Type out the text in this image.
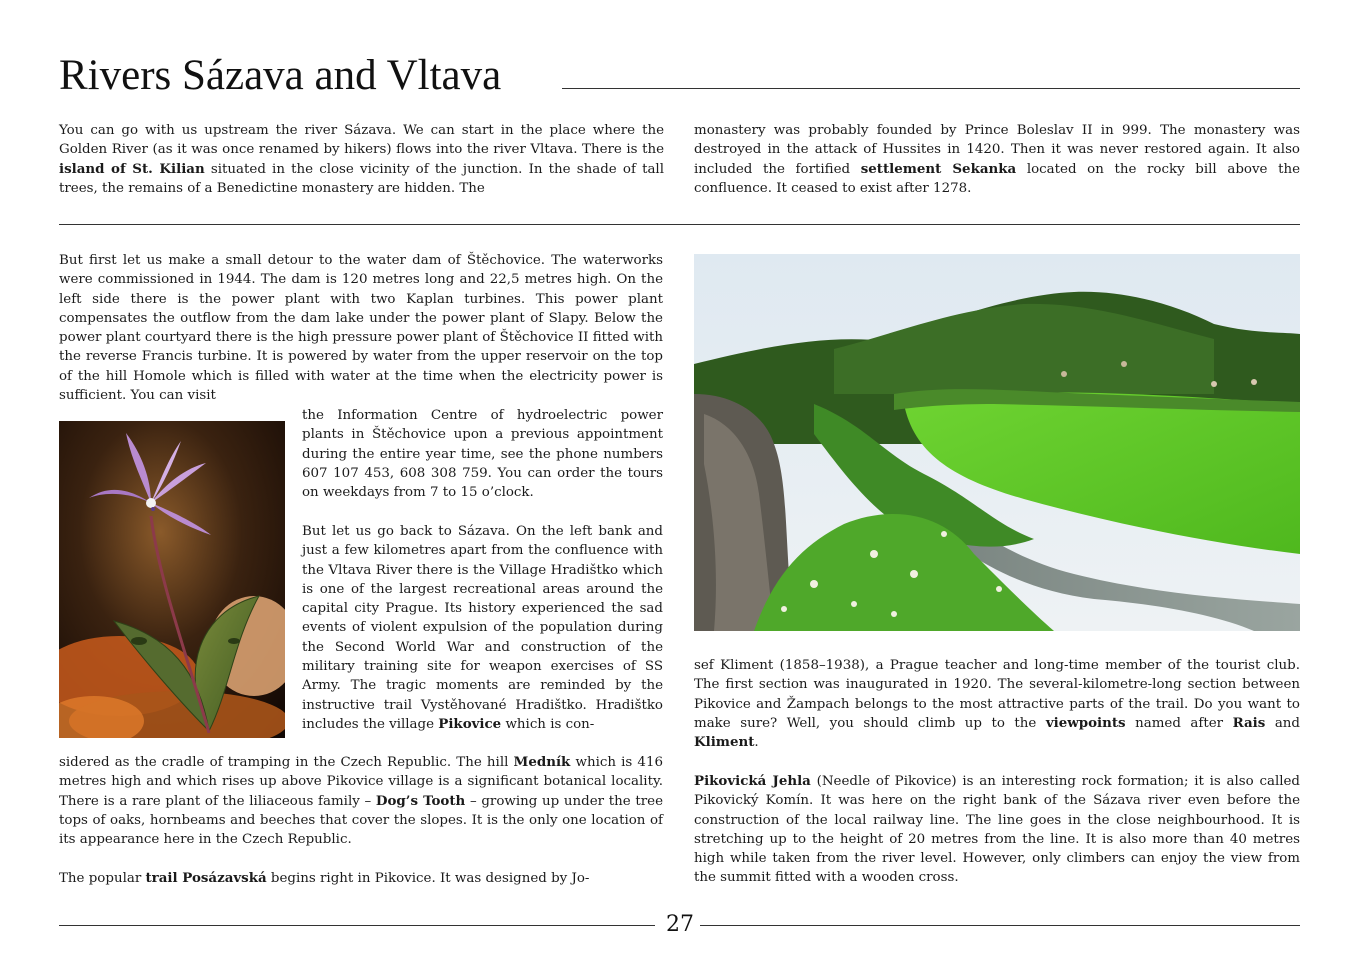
Rivers Sázava and Vltava

You can go with us upstream the river Sázava. We can start in the place where the Golden River (as it was once renamed by hikers) flows into the river Vltava. There is the island of St. Kilian situated in the close vicinity of the junction. In the shade of tall trees, the remains of a Benedictine monastery are hidden. The

monastery was probably founded by Prince Boleslav II in 999. The monastery was destroyed in the attack of Hussites in 1420. Then it was never restored again. It also included the fortified settlement Sekanka located on the rocky bill above the confluence. It ceased to exist after 1278.

But first let us make a small detour to the water dam of Štěchovice. The waterworks were commissioned in 1944. The dam is 120 metres long and 22,5 metres high. On the left side there is the power plant with two Kaplan turbines. This power plant compensates the outflow from the dam lake under the power plant of Slapy. Below the power plant courtyard there is the high pressure power plant of Štěchovice II fitted with the reverse Francis turbine. It is powered by water from the upper reservoir on the top of the hill Homole which is filled with water at the time when the electricity power is sufficient. You can visit

the Information Centre of hydroelectric power plants in Štěchovice upon a previous appointment during the entire year time, see the phone numbers 607 107 453, 608 308 759. You can order the tours on weekdays from 7 to 15 o’clock.

But let us go back to Sázava. On the left bank and just a few kilometres apart from the confluence with the Vltava River there is the Village Hradištko which is one of the largest recreational areas around the capital city Prague. Its history experienced the sad events of violent expulsion of the population during the Second World War and construction of the military training site for weapon exercises of SS Army. The tragic moments are reminded by the instructive trail Vystěhované Hradištko. Hradištko includes the village Pikovice which is con-

sidered as the cradle of tramping in the Czech Republic. The hill Medník which is 416 metres high and which rises up above Pikovice village is a significant botanical locality. There is a rare plant of the liliaceous family – Dog’s Tooth – growing up under the tree tops of oaks, hornbeams and beeches that cover the slopes. It is the only one location of its appearance here in the Czech Republic.

The popular trail Posázavská begins right in Pikovice. It was designed by Jo-

sef Kliment (1858–1938), a Prague teacher and long-time member of the tourist club. The first section was inaugurated in 1920. The several-kilometre-long section between Pikovice and Žampach belongs to the most attractive parts of the trail. Do you want to make sure? Well, you should climb up to the viewpoints named after Rais and Kliment.

Pikovická Jehla (Needle of Pikovice) is an interesting rock formation; it is also called Pikovický Komín. It was here on the right bank of the Sázava river even before the construction of the local railway line. The line goes in the close neighbourhood. It is stretching up to the height of 20 metres from the line. It is also more than 40 metres high while taken from the river level. However, only climbers can enjoy the view from the summit fitted with a wooden cross.

27
